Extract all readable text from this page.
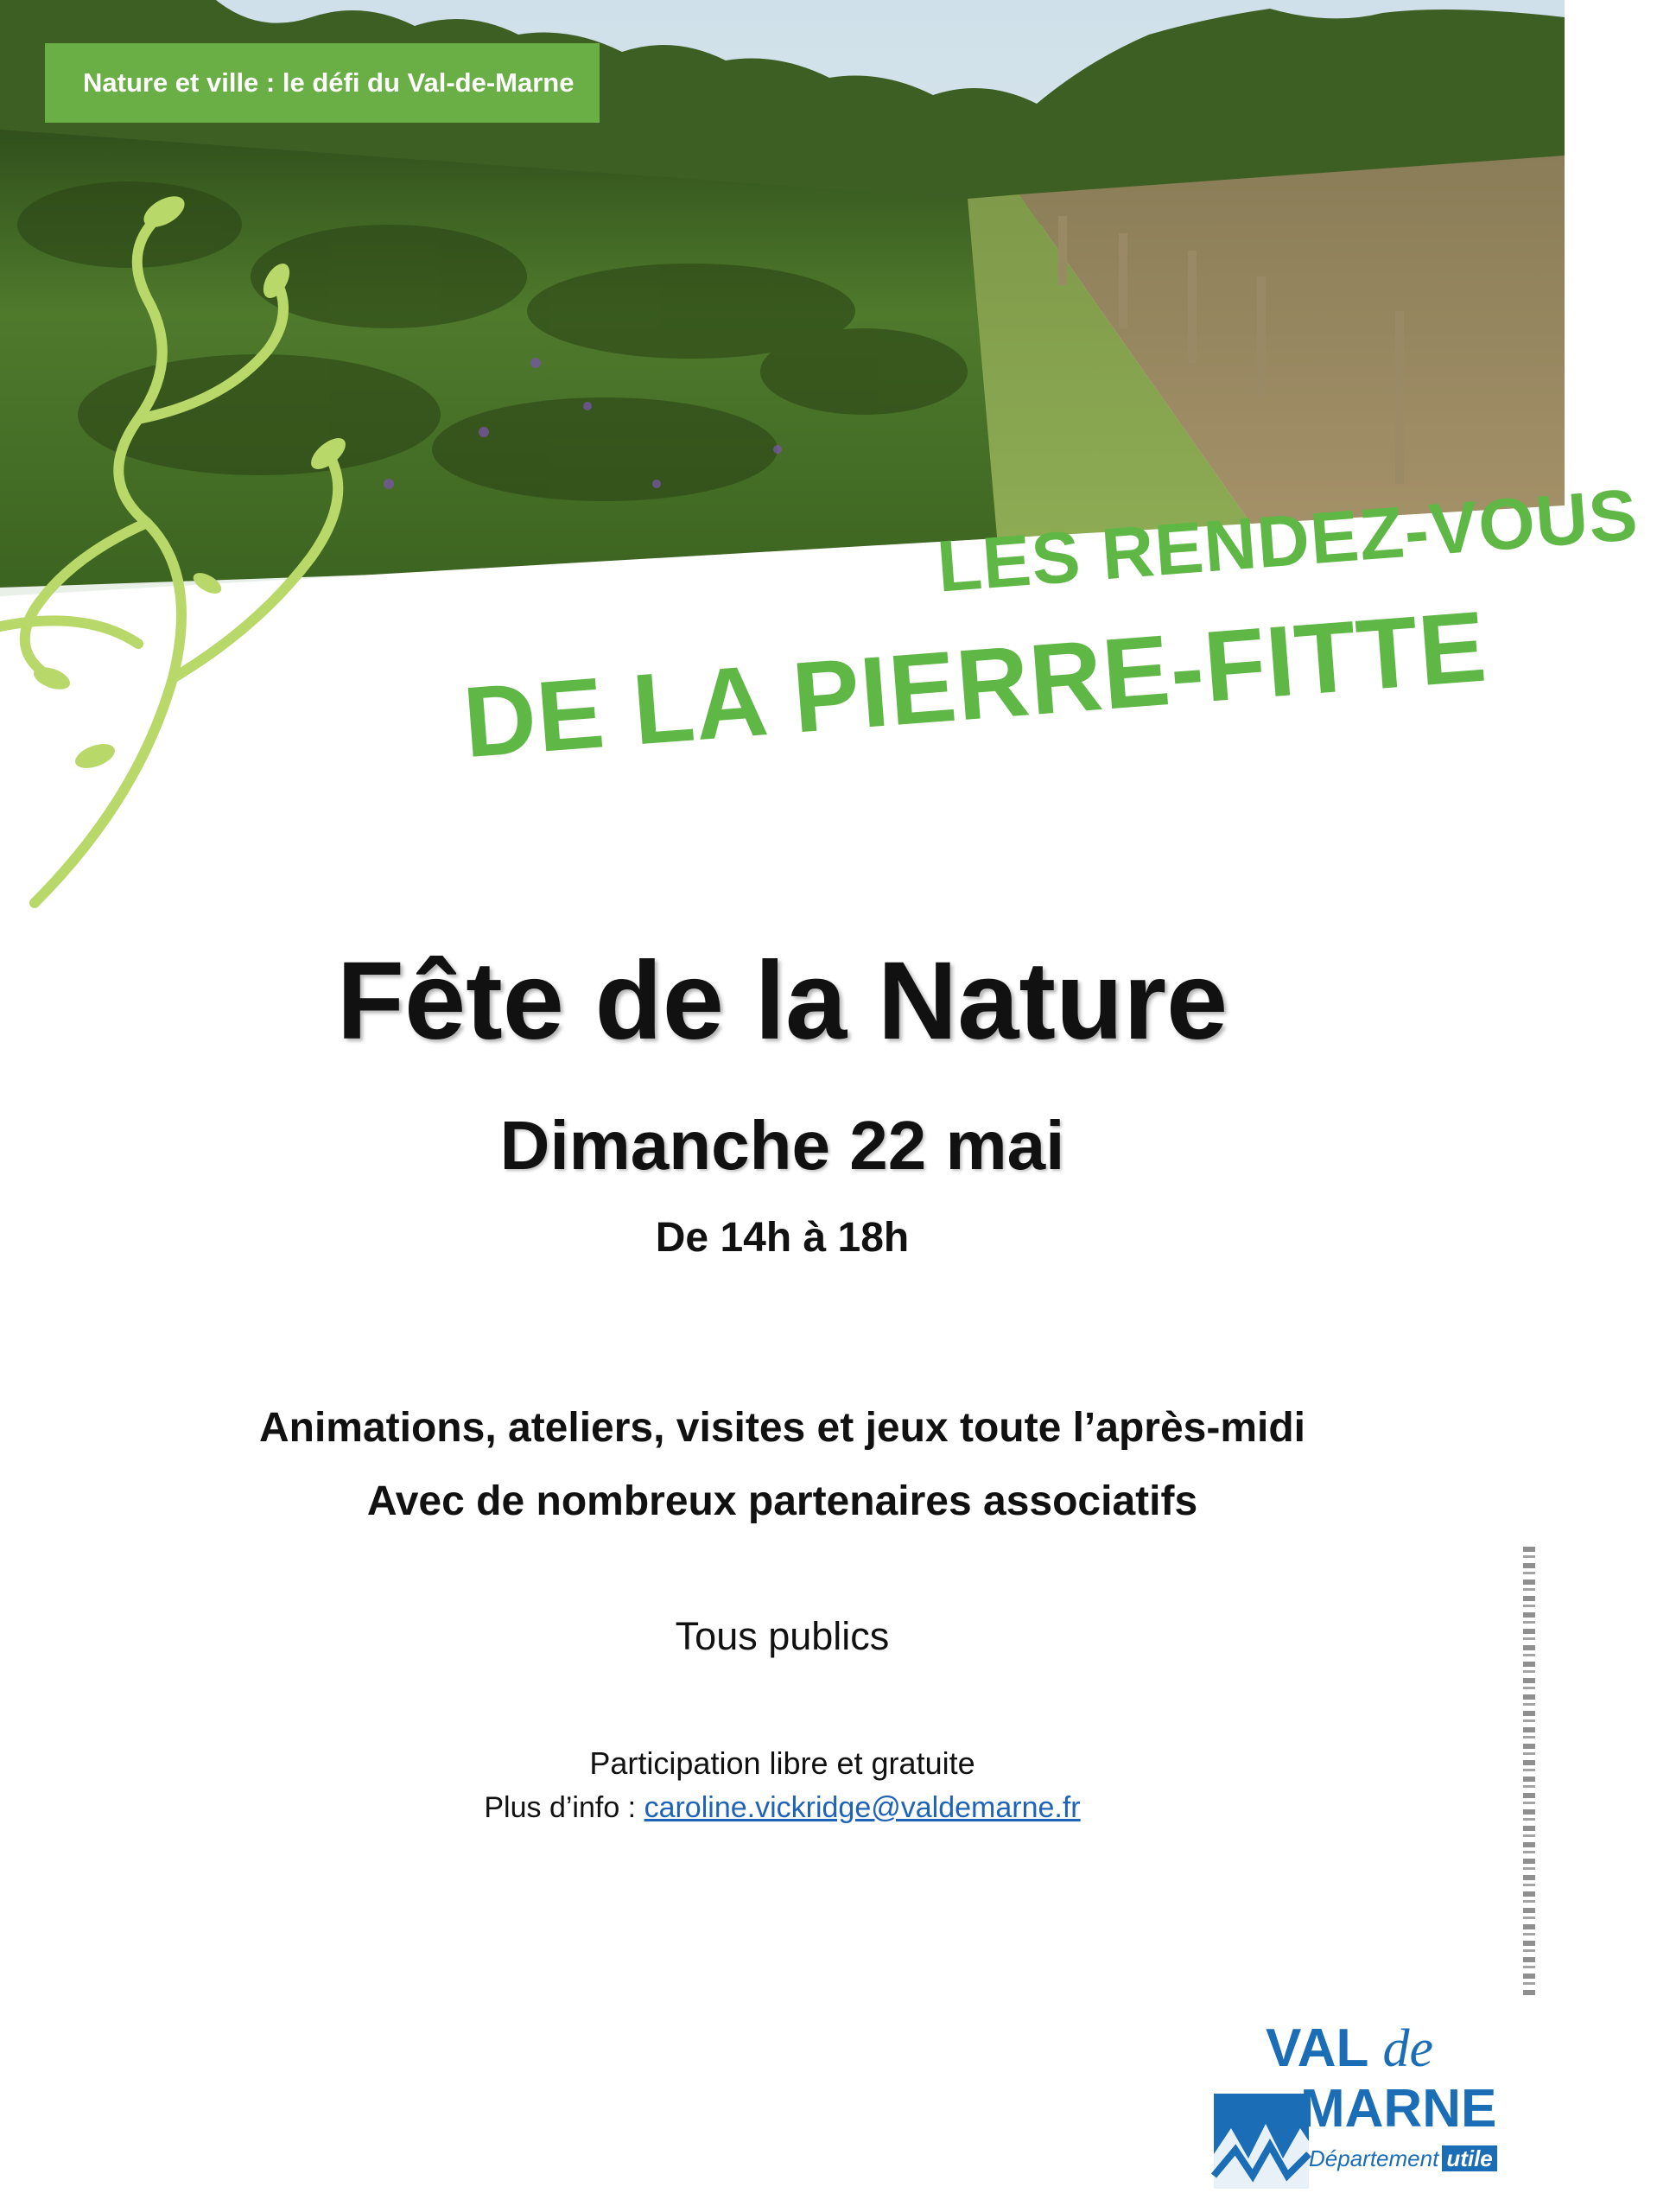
Nature et ville : le défi du Val-de-Marne
LES RENDEZ-VOUS
DE LA PIERRE-FITTE
Fête de la Nature
Dimanche 22 mai
De 14h à 18h
Animations, ateliers, visites et jeux toute l’après-midi
Avec de nombreux partenaires associatifs
Tous publics
Participation libre et gratuite
Plus d’info : caroline.vickridge@valdemarne.fr
VAL de
MARNE
Département utile
